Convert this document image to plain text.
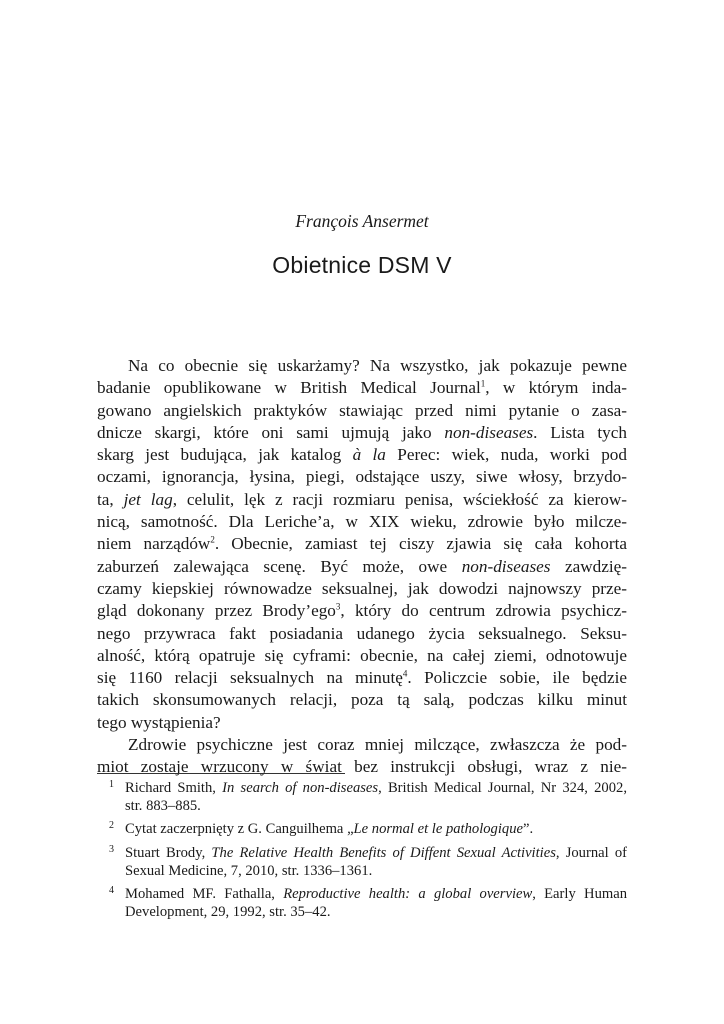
François Ansermet
Obietnice DSM V
Na co obecnie się uskarżamy? Na wszystko, jak pokazuje pewne
badanie opublikowane w British Medical Journal$^1$, w którym inda-
gowano angielskich praktyków stawiając przed nimi pytanie o zasa-
dnicze skargi, które oni sami ujmują jako non-diseases. Lista tych
skarg jest budująca, jak katalog à la Perec: wiek, nuda, worki pod
oczami, ignorancja, łysina, piegi, odstające uszy, siwe włosy, brzydo-
ta, jet lag, celulit, lęk z racji rozmiaru penisa, wściekłość za kierow-
nicą, samotność. Dla Leriche’a, w XIX wieku, zdrowie było milcze-
niem narządów$^2$. Obecnie, zamiast tej ciszy zjawia się cała kohorta
zaburzeń zalewająca scenę. Być może, owe non-diseases zawdzię-
czamy kiepskiej równowadze seksualnej, jak dowodzi najnowszy prze-
gląd dokonany przez Brody’ego$^3$, który do centrum zdrowia psychicz-
nego przywraca fakt posiadania udanego życia seksualnego. Seksu-
alność, którą opatruje się cyframi: obecnie, na całej ziemi, odnotowuje
się 1160 relacji seksualnych na minutę$^4$. Policzcie sobie, ile będzie
takich skonsumowanych relacji, poza tą salą, podczas kilku minut
tego wystąpienia?
Zdrowie psychiczne jest coraz mniej milczące, zwłaszcza że pod-
miot zostaje wrzucony w świat bez instrukcji obsługi, wraz z nie-
1 Richard Smith, In search of non-diseases, British Medical Journal, Nr 324, 2002,
str. 883–885.
2 Cytat zaczerpnięty z G. Canguilhema „Le normal et le pathologique”.
3 Stuart Brody, The Relative Health Benefits of Diffent Sexual Activities, Journal of
Sexual Medicine, 7, 2010, str. 1336–1361.
4 Mohamed MF. Fathalla, Reproductive health: a global overview, Early Human
Development, 29, 1992, str. 35–42.
